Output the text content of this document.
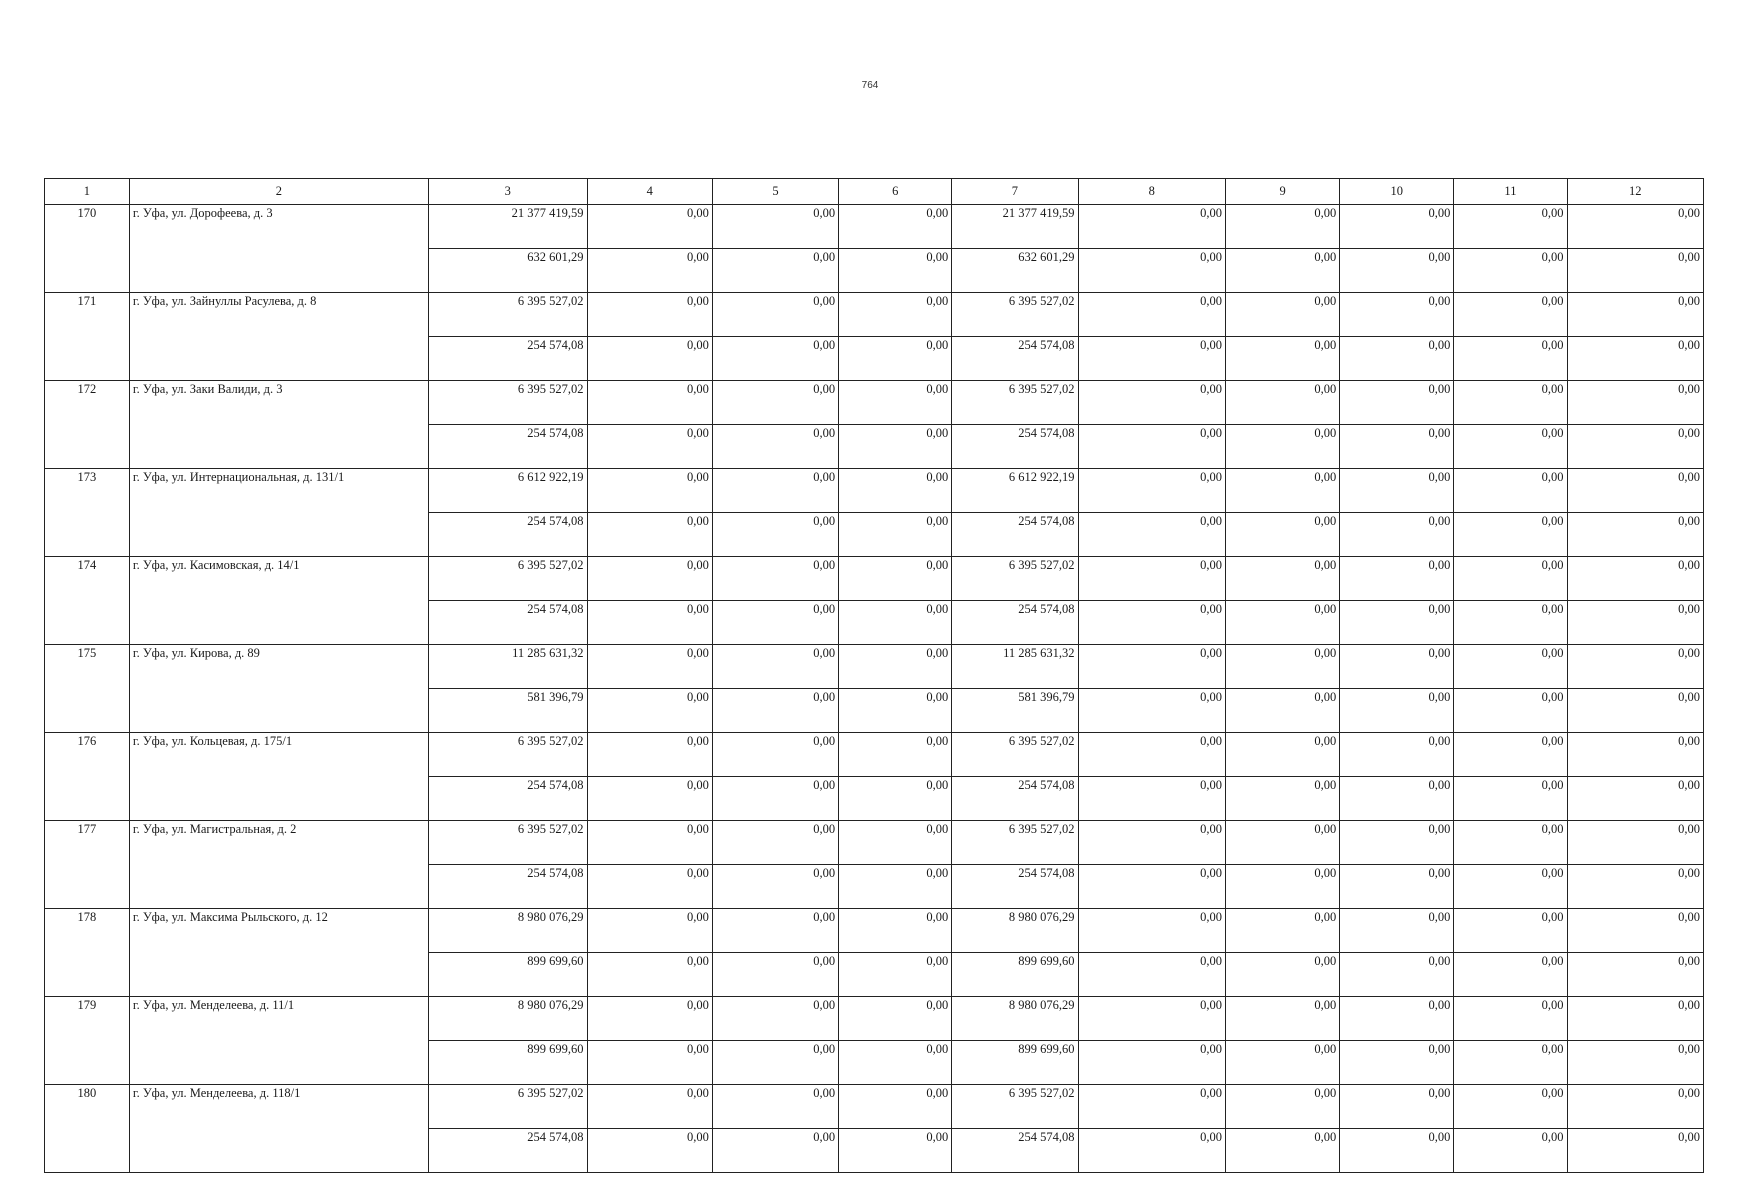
764
1	2	3	4	5	6	7	8	9	10	11	12
170	г. Уфа, ул. Дорофеева, д. 3	21 377 419,59	0,00	0,00	0,00	21 377 419,59	0,00	0,00	0,00	0,00	0,00
		632 601,29	0,00	0,00	0,00	632 601,29	0,00	0,00	0,00	0,00	0,00
171	г. Уфа, ул. Зайнуллы Расулева, д. 8	6 395 527,02	0,00	0,00	0,00	6 395 527,02	0,00	0,00	0,00	0,00	0,00
		254 574,08	0,00	0,00	0,00	254 574,08	0,00	0,00	0,00	0,00	0,00
172	г. Уфа, ул. Заки Валиди, д. 3	6 395 527,02	0,00	0,00	0,00	6 395 527,02	0,00	0,00	0,00	0,00	0,00
		254 574,08	0,00	0,00	0,00	254 574,08	0,00	0,00	0,00	0,00	0,00
173	г. Уфа, ул. Интернациональная, д. 131/1	6 612 922,19	0,00	0,00	0,00	6 612 922,19	0,00	0,00	0,00	0,00	0,00
		254 574,08	0,00	0,00	0,00	254 574,08	0,00	0,00	0,00	0,00	0,00
174	г. Уфа, ул. Касимовская, д. 14/1	6 395 527,02	0,00	0,00	0,00	6 395 527,02	0,00	0,00	0,00	0,00	0,00
		254 574,08	0,00	0,00	0,00	254 574,08	0,00	0,00	0,00	0,00	0,00
175	г. Уфа, ул. Кирова, д. 89	11 285 631,32	0,00	0,00	0,00	11 285 631,32	0,00	0,00	0,00	0,00	0,00
		581 396,79	0,00	0,00	0,00	581 396,79	0,00	0,00	0,00	0,00	0,00
176	г. Уфа, ул. Кольцевая, д. 175/1	6 395 527,02	0,00	0,00	0,00	6 395 527,02	0,00	0,00	0,00	0,00	0,00
		254 574,08	0,00	0,00	0,00	254 574,08	0,00	0,00	0,00	0,00	0,00
177	г. Уфа, ул. Магистральная, д. 2	6 395 527,02	0,00	0,00	0,00	6 395 527,02	0,00	0,00	0,00	0,00	0,00
		254 574,08	0,00	0,00	0,00	254 574,08	0,00	0,00	0,00	0,00	0,00
178	г. Уфа, ул. Максима Рыльского, д. 12	8 980 076,29	0,00	0,00	0,00	8 980 076,29	0,00	0,00	0,00	0,00	0,00
		899 699,60	0,00	0,00	0,00	899 699,60	0,00	0,00	0,00	0,00	0,00
179	г. Уфа, ул. Менделеева, д. 11/1	8 980 076,29	0,00	0,00	0,00	8 980 076,29	0,00	0,00	0,00	0,00	0,00
		899 699,60	0,00	0,00	0,00	899 699,60	0,00	0,00	0,00	0,00	0,00
180	г. Уфа, ул. Менделеева, д. 118/1	6 395 527,02	0,00	0,00	0,00	6 395 527,02	0,00	0,00	0,00	0,00	0,00
		254 574,08	0,00	0,00	0,00	254 574,08	0,00	0,00	0,00	0,00	0,00
